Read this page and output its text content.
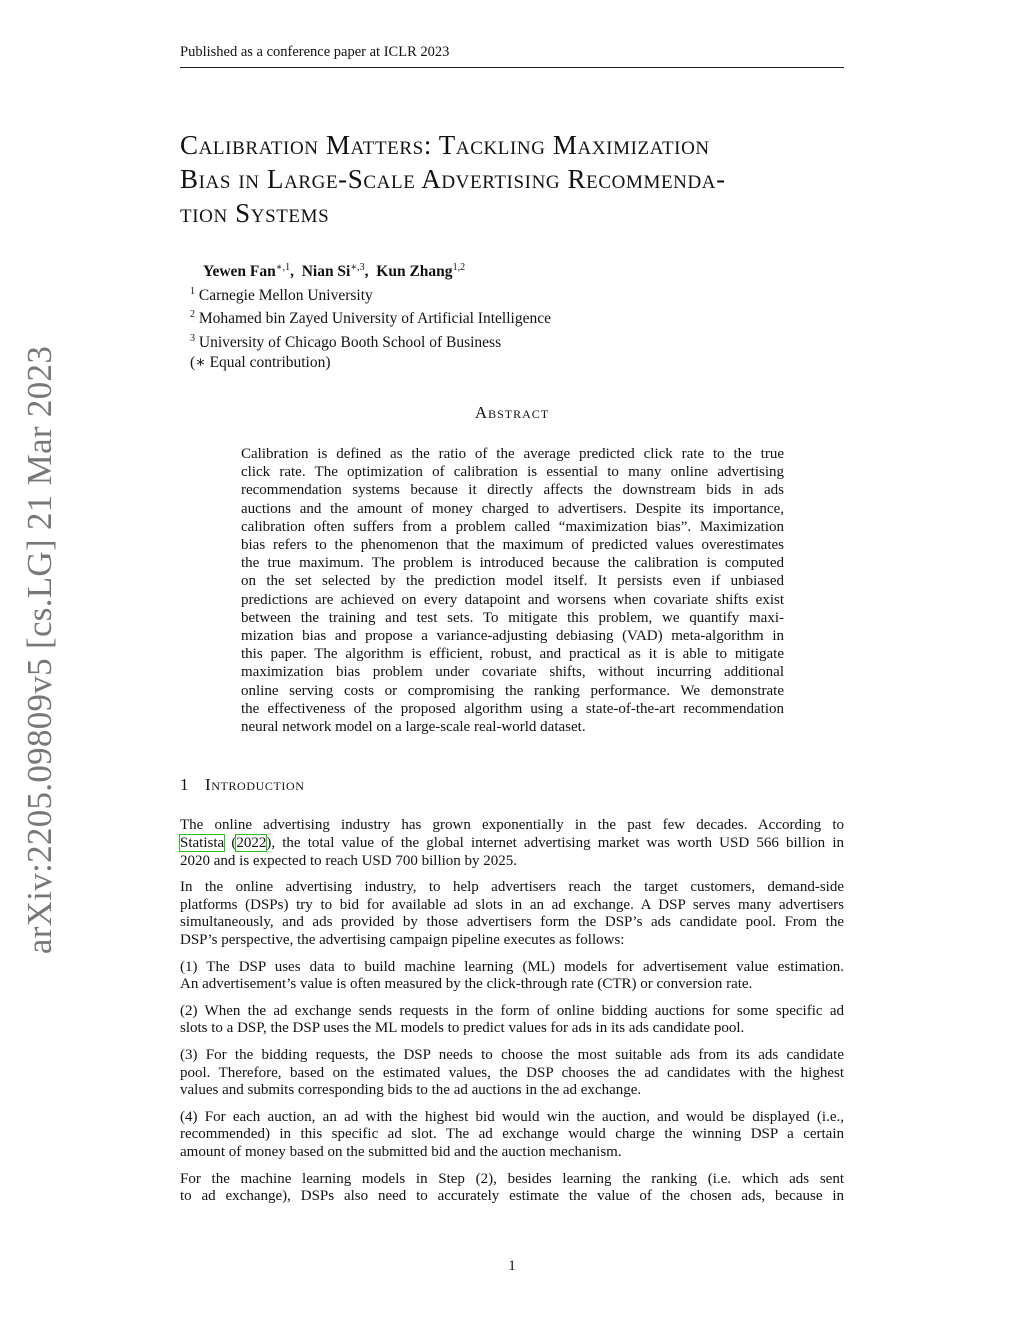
Published as a conference paper at ICLR 2023
arXiv:2205.09809v5 [cs.LG] 21 Mar 2023
Calibration Matters: Tackling Maximization
Bias in Large-Scale Advertising Recommenda-
tion Systems
Yewen Fan$^{∗,1}$,  Nian $Si^{∗,3}$,  Kun Zhang$^{1,2}$
$^1$ Carnegie Mellon University
$^2$ Mohamed bin Zayed University of Artificial Intelligence
$^3$ University of Chicago Booth School of Business
(∗ Equal contribution)
Abstract
Calibration is defined as the ratio of the average predicted click rate to the true
click rate. The optimization of calibration is essential to many online advertising
recommendation systems because it directly affects the downstream bids in ads
auctions and the amount of money charged to advertisers. Despite its importance,
calibration often suffers from a problem called “maximization bias”. Maximization
bias refers to the phenomenon that the maximum of predicted values overestimates
the true maximum. The problem is introduced because the calibration is computed
on the set selected by the prediction model itself. It persists even if unbiased
predictions are achieved on every datapoint and worsens when covariate shifts exist
between the training and test sets. To mitigate this problem, we quantify maxi-
mization bias and propose a variance-adjusting debiasing (VAD) meta-algorithm in
this paper. The algorithm is efficient, robust, and practical as it is able to mitigate
maximization bias problem under covariate shifts, without incurring additional
online serving costs or compromising the ranking performance. We demonstrate
the effectiveness of the proposed algorithm using a state-of-the-art recommendation
neural network model on a large-scale real-world dataset.
1 Introduction
The online advertising industry has grown exponentially in the past few decades. According to
Statista (2022), the total value of the global internet advertising market was worth USD 566 billion in
2020 and is expected to reach USD 700 billion by 2025.
In the online advertising industry, to help advertisers reach the target customers, demand-side
platforms (DSPs) try to bid for available ad slots in an ad exchange. A DSP serves many advertisers
simultaneously, and ads provided by those advertisers form the DSP’s ads candidate pool. From the
DSP’s perspective, the advertising campaign pipeline executes as follows:
(1) The DSP uses data to build machine learning (ML) models for advertisement value estimation.
An advertisement’s value is often measured by the click-through rate (CTR) or conversion rate.
(2) When the ad exchange sends requests in the form of online bidding auctions for some specific ad
slots to a DSP, the DSP uses the ML models to predict values for ads in its ads candidate pool.
(3) For the bidding requests, the DSP needs to choose the most suitable ads from its ads candidate
pool. Therefore, based on the estimated values, the DSP chooses the ad candidates with the highest
values and submits corresponding bids to the ad auctions in the ad exchange.
(4) For each auction, an ad with the highest bid would win the auction, and would be displayed (i.e.,
recommended) in this specific ad slot. The ad exchange would charge the winning DSP a certain
amount of money based on the submitted bid and the auction mechanism.
For the machine learning models in Step (2), besides learning the ranking (i.e. which ads sent
to ad exchange), DSPs also need to accurately estimate the value of the chosen ads, because in
1
